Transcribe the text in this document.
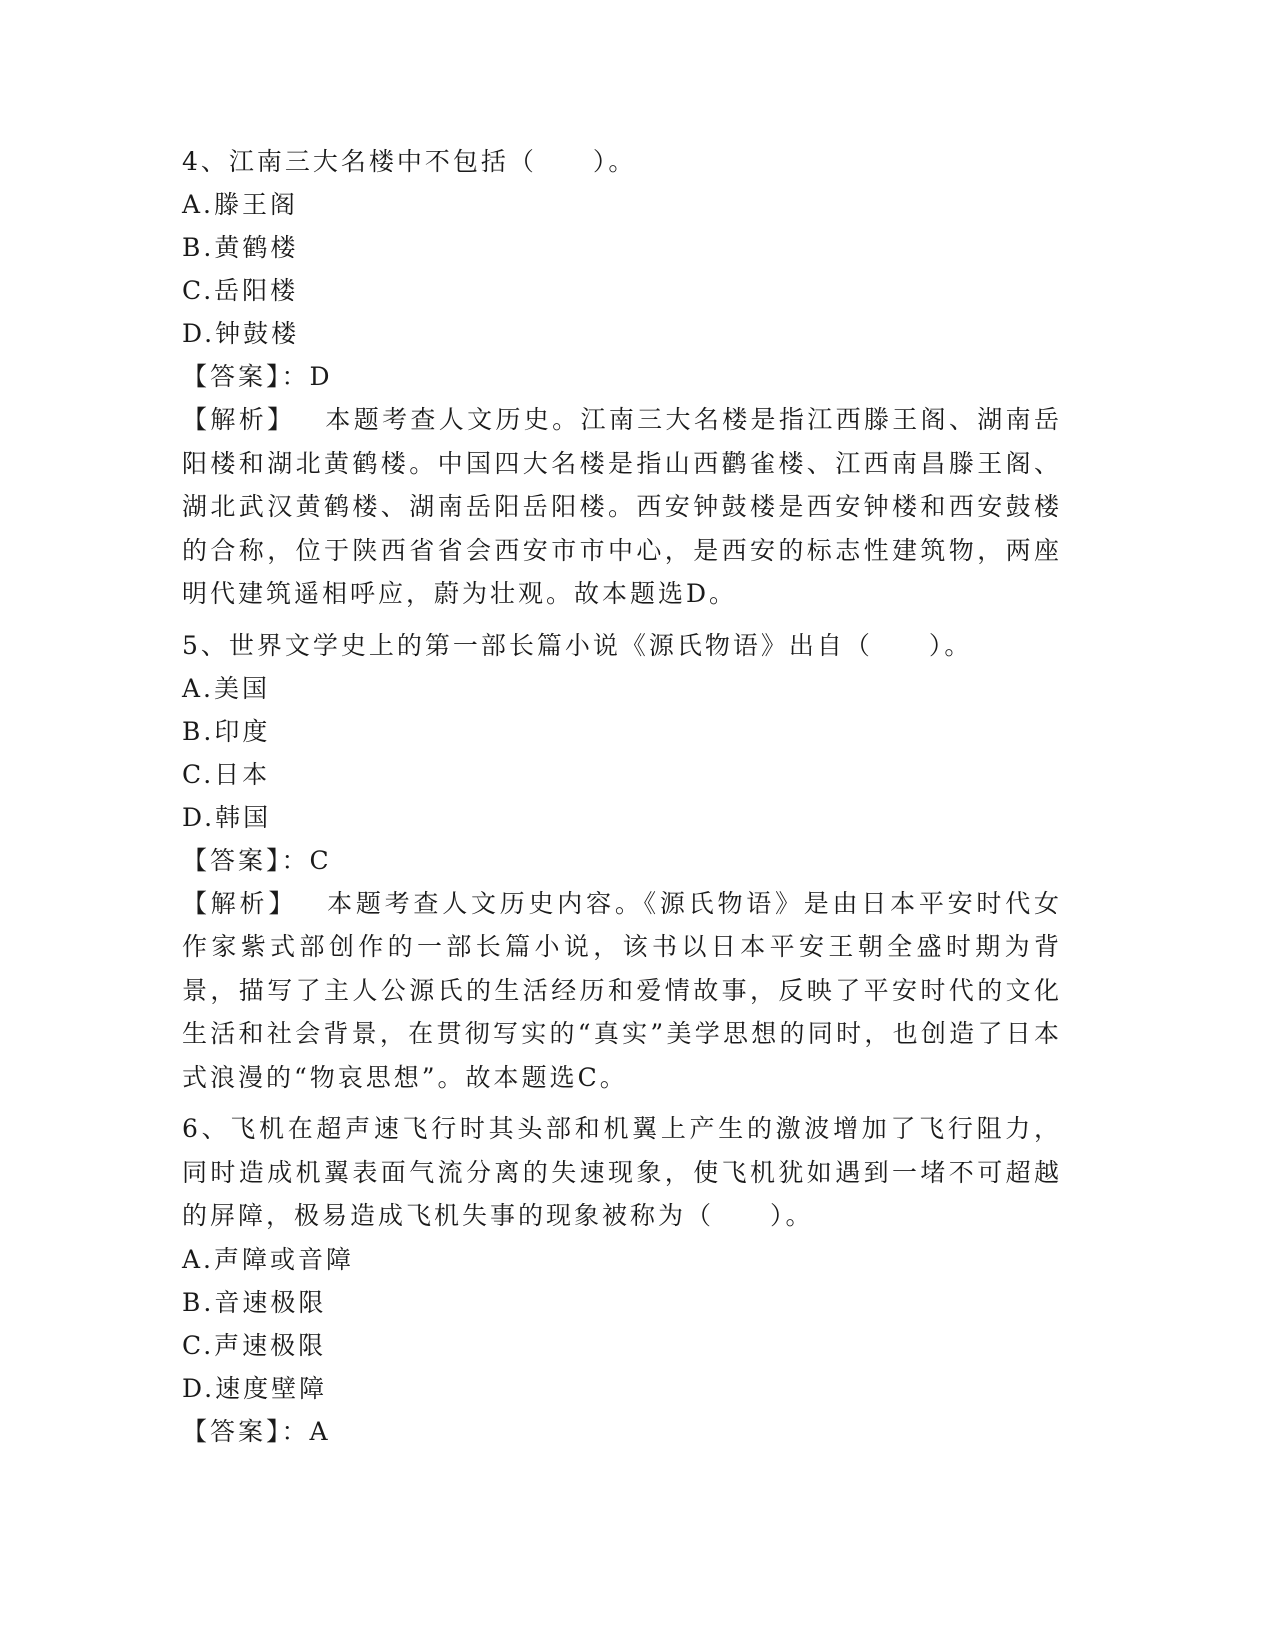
4、江南三大名楼中不包括（　　）。
A.滕王阁
B.黄鹤楼
C.岳阳楼
D.钟鼓楼
【答案】：D
【解析】 本题考查人文历史。江南三大名楼是指江西滕王阁、湖南岳阳楼和湖北黄鹤楼。中国四大名楼是指山西鹳雀楼、江西南昌滕王阁、湖北武汉黄鹤楼、湖南岳阳岳阳楼。西安钟鼓楼是西安钟楼和西安鼓楼的合称，位于陕西省省会西安市市中心，是西安的标志性建筑物，两座明代建筑遥相呼应，蔚为壮观。故本题选D。
5、世界文学史上的第一部长篇小说《源氏物语》出自（　　）。
A.美国
B.印度
C.日本
D.韩国
【答案】：C
【解析】 本题考查人文历史内容。《源氏物语》是由日本平安时代女作家紫式部创作的一部长篇小说，该书以日本平安王朝全盛时期为背景，描写了主人公源氏的生活经历和爱情故事，反映了平安时代的文化生活和社会背景，在贯彻写实的“真实”美学思想的同时，也创造了日本式浪漫的“物哀思想”。故本题选C。
6、飞机在超声速飞行时其头部和机翼上产生的激波增加了飞行阻力，同时造成机翼表面气流分离的失速现象，使飞机犹如遇到一堵不可超越的屏障，极易造成飞机失事的现象被称为（　　）。
A.声障或音障
B.音速极限
C.声速极限
D.速度壁障
【答案】：A
